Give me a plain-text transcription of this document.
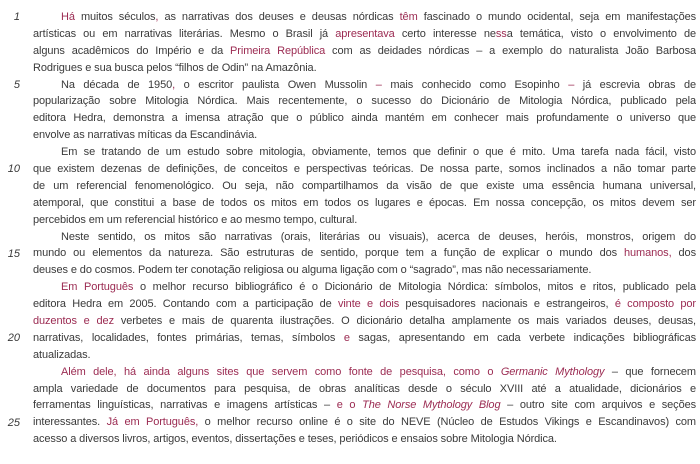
1
5
10
15
20
25
Há muitos séculos, as narrativas dos deuses e deusas nórdicas têm fascinado o mundo ocidental, seja em manifestações
artísticas ou em narrativas literárias. Mesmo o Brasil já apresentava certo interesse nessa temática, visto o envolvimento de
alguns acadêmicos do Império e da Primeira República com as deidades nórdicas – a exemplo do naturalista João Barbosa
Rodrigues e sua busca pelos “filhos de Odin” na Amazônia.
Na década de 1950, o escritor paulista Owen Mussolin – mais conhecido como Esopinho – já escrevia obras de
popularização sobre Mitologia Nórdica. Mais recentemente, o sucesso do Dicionário de Mitologia Nórdica, publicado pela
editora Hedra, demonstra a imensa atração que o público ainda mantém em conhecer mais profundamente o universo que
envolve as narrativas míticas da Escandinávia.
Em se tratando de um estudo sobre mitologia, obviamente, temos que definir o que é mito. Uma tarefa nada fácil, visto
que existem dezenas de definições, de conceitos e perspectivas teóricas. De nossa parte, somos inclinados a não tomar parte
de um referencial fenomenológico. Ou seja, não compartilhamos da visão de que existe uma essência humana universal,
atemporal, que constitui a base de todos os mitos em todos os lugares e épocas. Em nossa concepção, os mitos devem ser
percebidos em um referencial histórico e ao mesmo tempo, cultural.
Neste sentido, os mitos são narrativas (orais, literárias ou visuais), acerca de deuses, heróis, monstros, origem do
mundo ou elementos da natureza. São estruturas de sentido, porque tem a função de explicar o mundo dos humanos, dos
deuses e do cosmos. Podem ter conotação religiosa ou alguma ligação com o “sagrado”, mas não necessariamente.
Em Português o melhor recurso bibliográfico é o Dicionário de Mitologia Nórdica: símbolos, mitos e ritos, publicado pela
editora Hedra em 2005. Contando com a participação de vinte e dois pesquisadores nacionais e estrangeiros, é composto por
duzentos e dez verbetes e mais de quarenta ilustrações. O dicionário detalha amplamente os mais variados deuses, deusas,
narrativas, localidades, fontes primárias, temas, símbolos e sagas, apresentando em cada verbete indicações bibliográficas
atualizadas.
Além dele, há ainda alguns sites que servem como fonte de pesquisa, como o Germanic Mythology – que fornecem
ampla variedade de documentos para pesquisa, de obras analíticas desde o século XVIII até a atualidade, dicionários e
ferramentas linguísticas, narrativas e imagens artísticas – e o The Norse Mythology Blog – outro site com arquivos e seções
interessantes. Já em Português, o melhor recurso online é o site do NEVE (Núcleo de Estudos Vikings e Escandinavos) com
acesso a diversos livros, artigos, eventos, dissertações e teses, periódicos e ensaios sobre Mitologia Nórdica.
